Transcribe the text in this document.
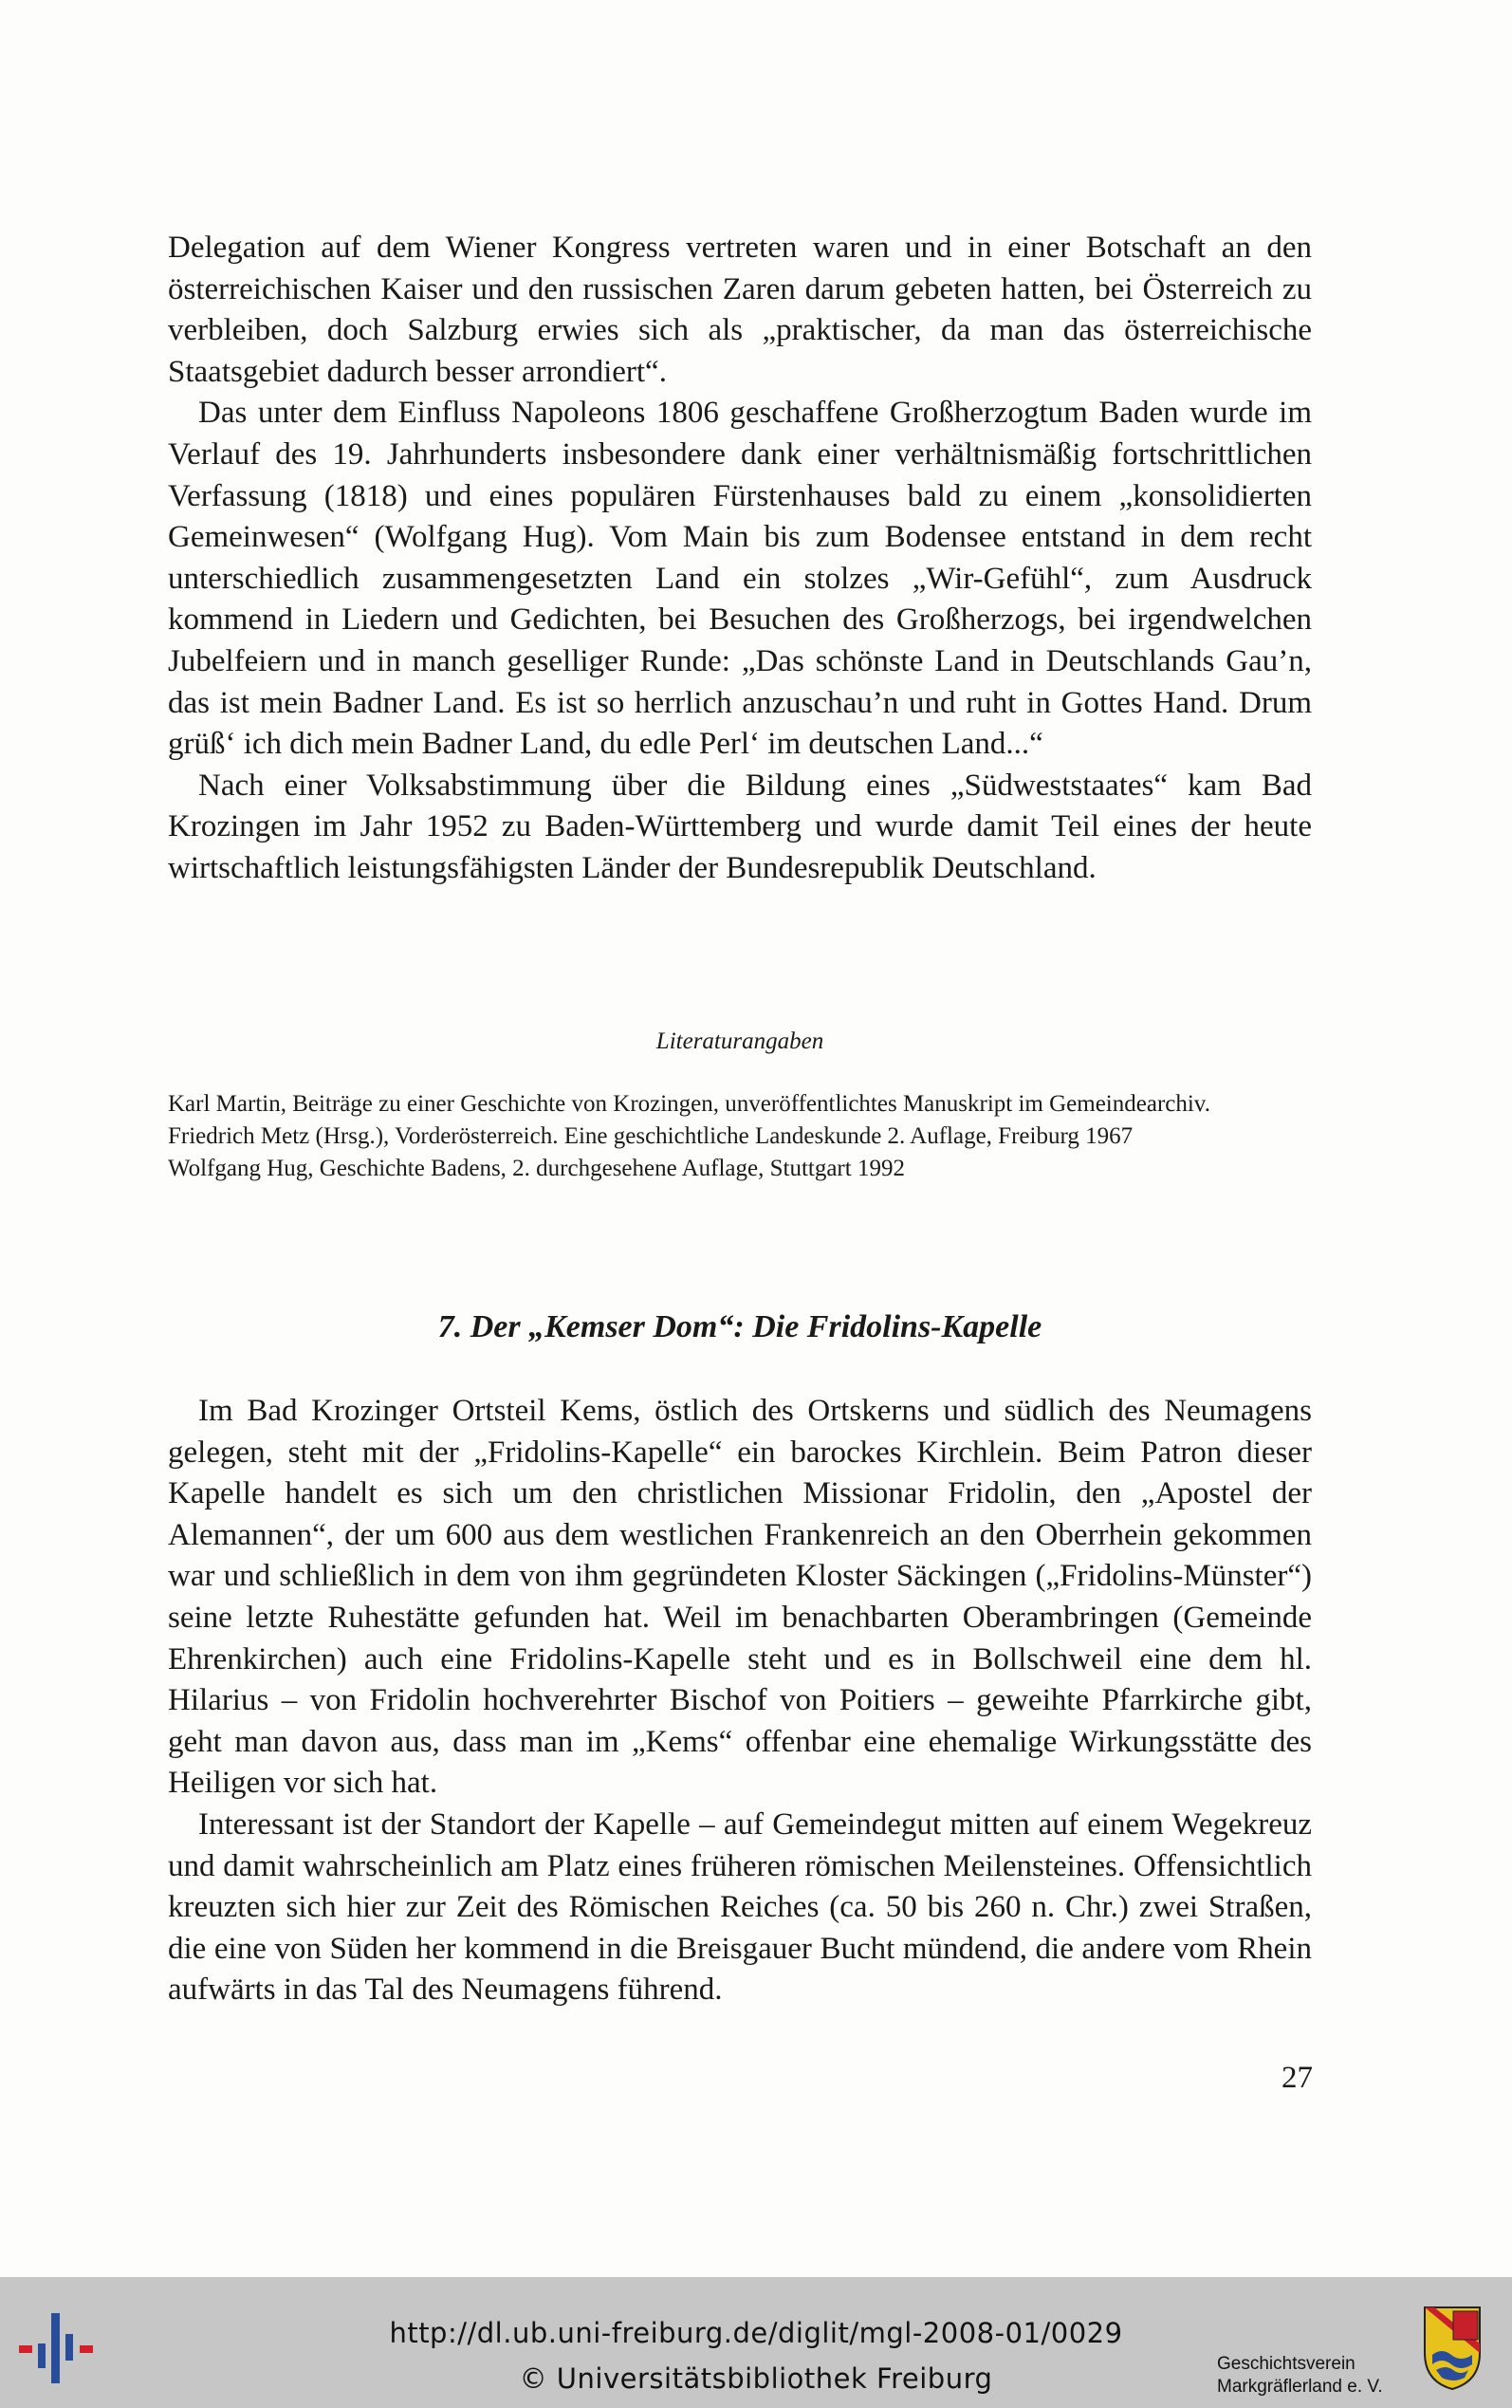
Delegation auf dem Wiener Kongress vertreten waren und in einer Botschaft an den österreichischen Kaiser und den russischen Zaren darum gebeten hatten, bei Österreich zu verbleiben, doch Salzburg erwies sich als „praktischer, da man das österreichische Staatsgebiet dadurch besser arrondiert“.

Das unter dem Einfluss Napoleons 1806 geschaffene Großherzogtum Baden wurde im Verlauf des 19. Jahrhunderts insbesondere dank einer verhältnismäßig fortschrittlichen Verfassung (1818) und eines populären Fürstenhauses bald zu einem „konsolidierten Gemeinwesen“ (Wolfgang Hug). Vom Main bis zum Bodensee entstand in dem recht unterschiedlich zusammengesetzten Land ein stolzes „Wir-Gefühl“, zum Ausdruck kommend in Liedern und Gedichten, bei Besuchen des Großherzogs, bei irgendwelchen Jubelfeiern und in manch geselliger Runde: „Das schönste Land in Deutschlands Gau’n, das ist mein Badner Land. Es ist so herrlich anzuschau’n und ruht in Gottes Hand. Drum grüß‘ ich dich mein Badner Land, du edle Perl‘ im deutschen Land...“

Nach einer Volksabstimmung über die Bildung eines „Südweststaates“ kam Bad Krozingen im Jahr 1952 zu Baden-Württemberg und wurde damit Teil eines der heute wirtschaftlich leistungsfähigsten Länder der Bundesrepublik Deutschland.

Literaturangaben
Karl Martin, Beiträge zu einer Geschichte von Krozingen, unveröffentlichtes Manuskript im Gemeindearchiv.
Friedrich Metz (Hrsg.), Vorderösterreich. Eine geschichtliche Landeskunde 2. Auflage, Freiburg 1967
Wolfgang Hug, Geschichte Badens, 2. durchgesehene Auflage, Stuttgart 1992
7. Der „Kemser Dom“: Die Fridolins-Kapelle

Im Bad Krozinger Ortsteil Kems, östlich des Ortskerns und südlich des Neumagens gelegen, steht mit der „Fridolins-Kapelle“ ein barockes Kirchlein. Beim Patron dieser Kapelle handelt es sich um den christlichen Missionar Fridolin, den „Apostel der Alemannen“, der um 600 aus dem westlichen Frankenreich an den Oberrhein gekommen war und schließlich in dem von ihm gegründeten Kloster Säckingen („Fridolins-Münster“) seine letzte Ruhestätte gefunden hat. Weil im benachbarten Oberambringen (Gemeinde Ehrenkirchen) auch eine Fridolins-Kapelle steht und es in Bollschweil eine dem hl. Hilarius – von Fridolin hochverehrter Bischof von Poitiers – geweihte Pfarrkirche gibt, geht man davon aus, dass man im „Kems“ offenbar eine ehemalige Wirkungsstätte des Heiligen vor sich hat.

Interessant ist der Standort der Kapelle – auf Gemeindegut mitten auf einem Wegekreuz und damit wahrscheinlich am Platz eines früheren römischen Meilensteines. Offensichtlich kreuzten sich hier zur Zeit des Römischen Reiches (ca. 50 bis 260 n. Chr.) zwei Straßen, die eine von Süden her kommend in die Breisgauer Bucht mündend, die andere vom Rhein aufwärts in das Tal des Neumagens führend.

27
http://dl.ub.uni-freiburg.de/diglit/mgl-2008-01/0029
© Universitätsbibliothek Freiburg	Geschichtsverein
Markgräflerland e. V.
